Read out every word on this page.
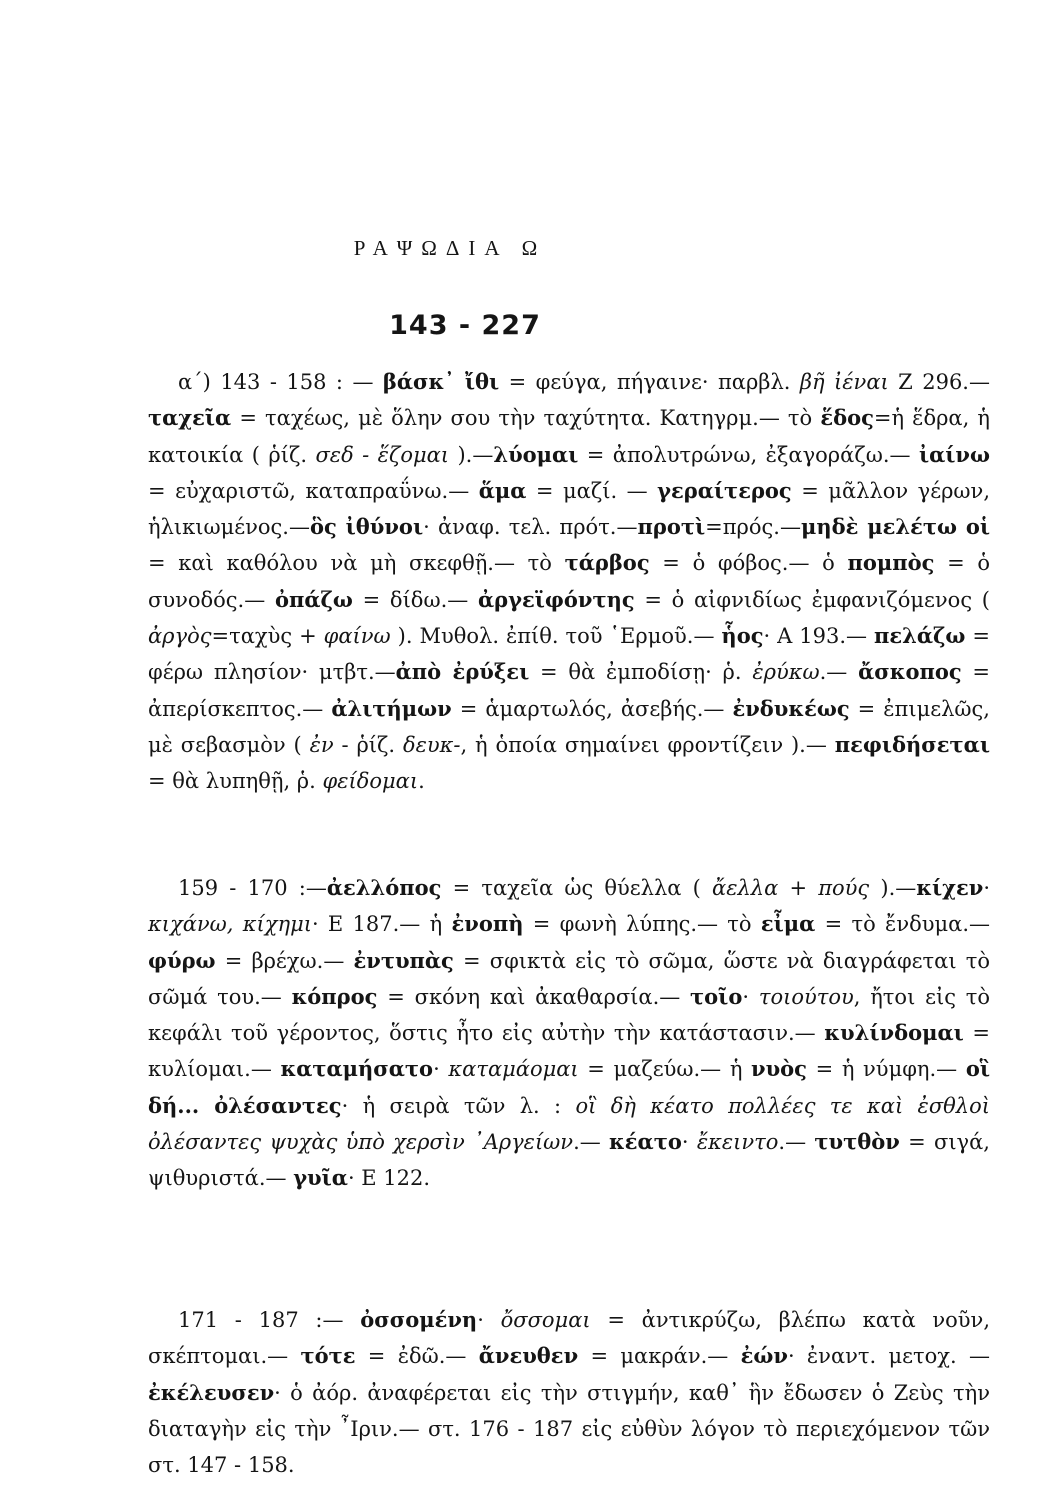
ΡΑΨΩΔΙΑ Ω
143 - 227

α΄) 143 - 158 : — βάσκ᾽ ἴθι = φεύγα, πήγαινε· παρβλ. βῆ ἰέναι Ζ 296.— ταχεῖα = ταχέως, μὲ ὅλην σου τὴν ταχύτητα. Κατηγρμ.— τὸ ἕδος=ἡ ἕδρα, ἡ κατοικία ( ῥίζ. σεδ - ἕζομαι ).—λύομαι = ἀπολυτρώνω, ἐξαγοράζω.— ἰαίνω = εὐχαριστῶ, καταπραΰνω.— ἅμα = μαζί. — γεραίτερος = μᾶλλον γέρων, ἡλικιωμένος.—ὃς ἰθύνοι· ἀναφ. τελ. πρότ.—προτὶ=πρός.—μηδὲ μελέτω οἱ = καὶ καθόλου νὰ μὴ σκεφθῇ.— τὸ τάρβος = ὁ φόβος.— ὁ πομπὸς = ὁ συνοδός.— ὀπάζω = δίδω.— ἀργεϊφόντης = ὁ αἰφνιδίως ἐμφανιζόμενος ( ἀργὸς=ταχὺς + φαίνω ). Μυθολ. ἐπίθ. τοῦ ῾Ερμοῦ.— ἧος· Α 193.— πελάζω = φέρω πλησίον· μτβτ.—ἀπὸ ἐρύξει = θὰ ἐμποδίσῃ· ῥ. ἐρύκω.— ἄσκοπος = ἀπερίσκεπτος.— ἀλιτήμων = ἁμαρτωλός, ἀσεβής.— ἐνδυκέως = ἐπιμελῶς, μὲ σεβασμὸν ( ἐν - ῥίζ. δευκ-, ἡ ὁποία σημαίνει φροντίζειν ).— πεφιδήσεται = θὰ λυπηθῇ, ῥ. φείδομαι.

159 - 170 :—ἀελλόπος = ταχεῖα ὡς θύελλα ( ἄελλα + πούς ).—κίχεν· κιχάνω, κίχημι· Ε 187.— ἡ ἐνοπὴ = φωνὴ λύπης.— τὸ εἶμα = τὸ ἔνδυμα.— φύρω = βρέχω.— ἐντυπὰς = σφικτὰ εἰς τὸ σῶμα, ὥστε νὰ διαγράφεται τὸ σῶμά του.— κόπρος = σκόνη καὶ ἀκαθαρσία.— τοῖο· τοιούτου, ἤτοι εἰς τὸ κεφάλι τοῦ γέροντος, ὅστις ἦτο εἰς αὐτὴν τὴν κατάστασιν.— κυλίνδομαι = κυλίομαι.— καταμήσατο· καταμάομαι = μαζεύω.— ἡ νυὸς = ἡ νύμφη.— οἳ δή... ὀλέσαντες· ἡ σειρὰ τῶν λ. : οἳ δὴ κέατο πολλέες τε καὶ ἐσθλοὶ ὀλέσαντες ψυχὰς ὑπὸ χερσὶν ᾿Αργείων.— κέατο· ἔκειντο.— τυτθὸν = σιγά, ψιθυριστά.— γυῖα· Ε 122.

171 - 187 :— ὀσσομένη· ὄσσομαι = ἀντικρύζω, βλέπω κατὰ νοῦν, σκέπτομαι.— τότε = ἐδῶ.— ἄνευθεν = μακράν.— ἐών· ἐναντ. μετοχ. — ἐκέλευσεν· ὁ ἀόρ. ἀναφέρεται εἰς τὴν στιγμήν, καθ᾽ ἣν ἔδωσεν ὁ Ζεὺς τὴν διαταγὴν εἰς τὴν ῏Ιριν.— στ. 176 - 187 εἰς εὐθὺν λόγον τὸ περιεχόμενον τῶν στ. 147 - 158.
